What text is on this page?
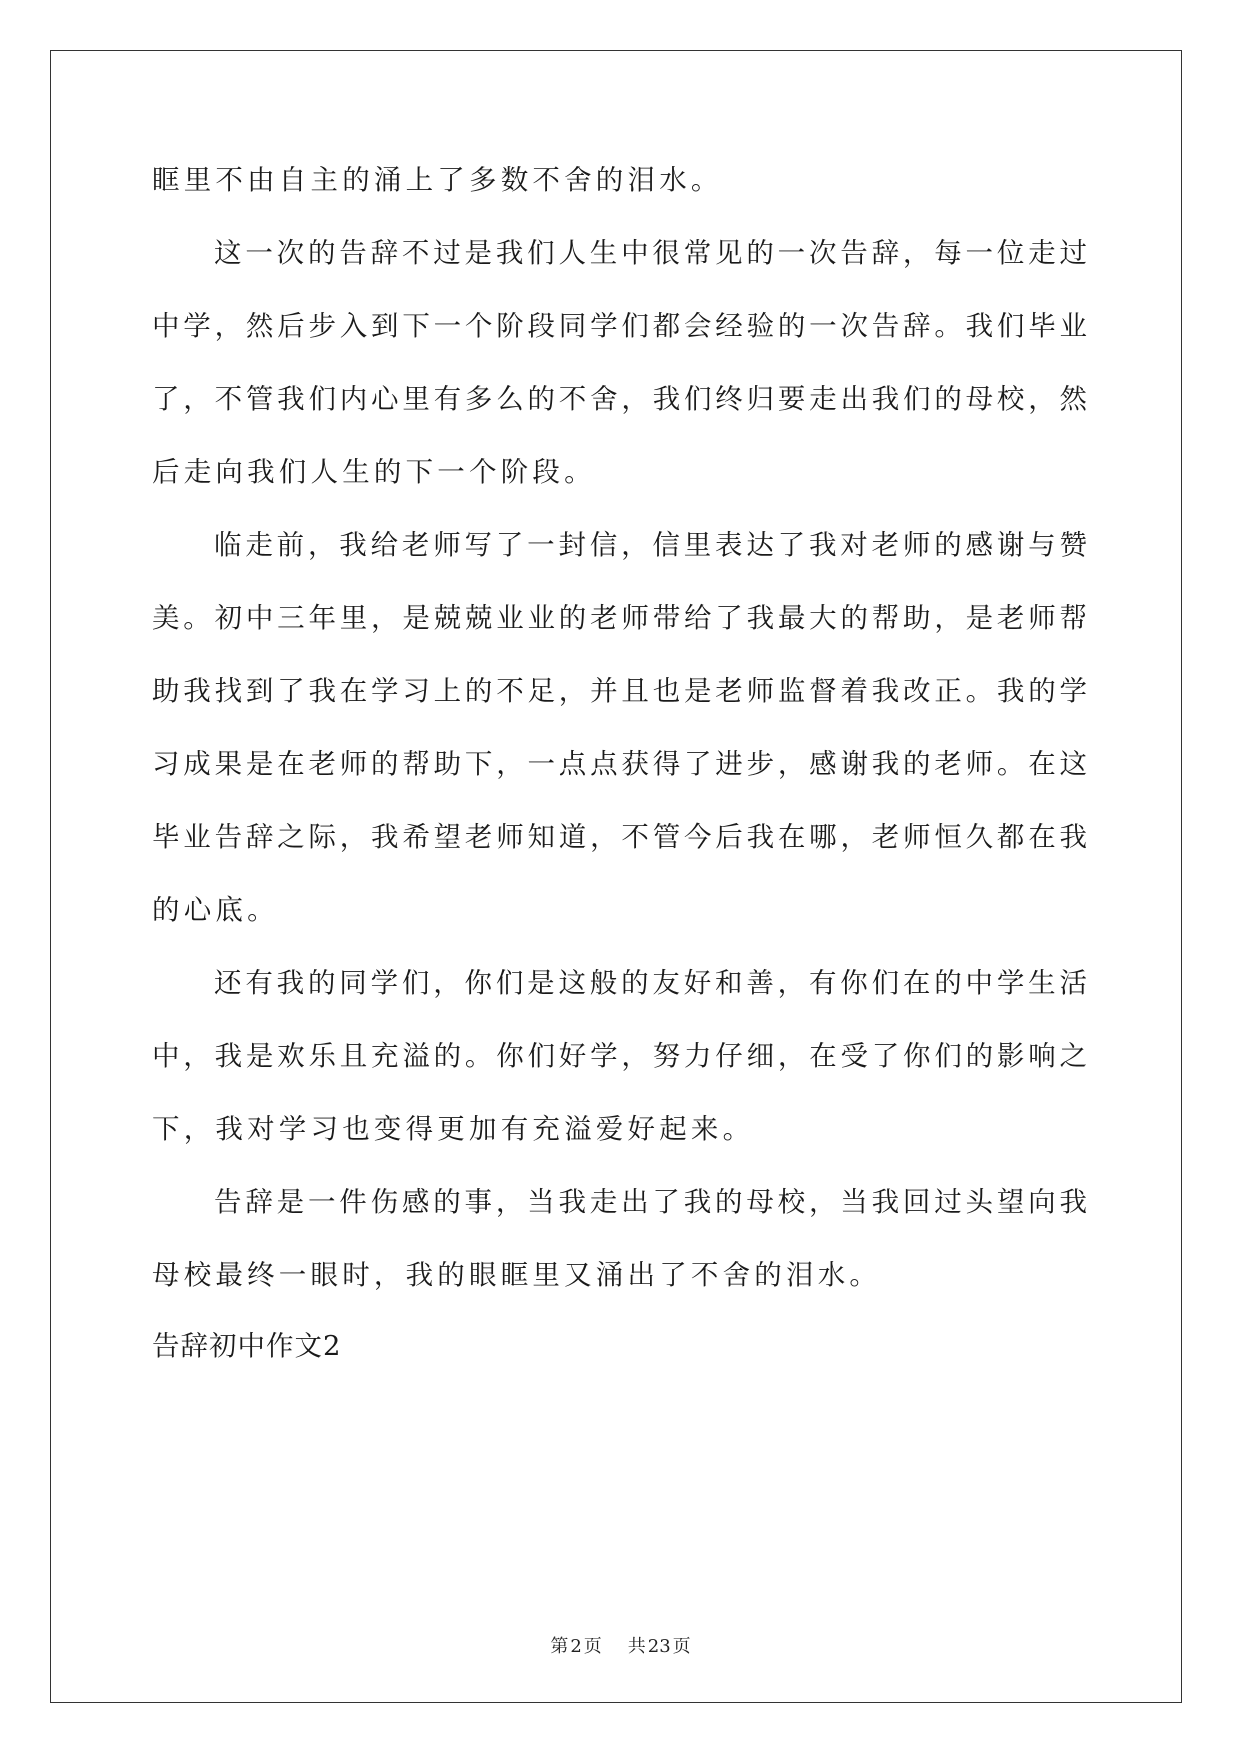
眶里不由自主的涌上了多数不舍的泪水。
这一次的告辞不过是我们人生中很常见的一次告辞，每一位走过
中学，然后步入到下一个阶段同学们都会经验的一次告辞。我们毕业
了，不管我们内心里有多么的不舍，我们终归要走出我们的母校，然
后走向我们人生的下一个阶段。
临走前，我给老师写了一封信，信里表达了我对老师的感谢与赞
美。初中三年里，是兢兢业业的老师带给了我最大的帮助，是老师帮
助我找到了我在学习上的不足，并且也是老师监督着我改正。我的学
习成果是在老师的帮助下，一点点获得了进步，感谢我的老师。在这
毕业告辞之际，我希望老师知道，不管今后我在哪，老师恒久都在我
的心底。
还有我的同学们，你们是这般的友好和善，有你们在的中学生活
中，我是欢乐且充溢的。你们好学，努力仔细，在受了你们的影响之
下，我对学习也变得更加有充溢爱好起来。
告辞是一件伤感的事，当我走出了我的母校，当我回过头望向我
母校最终一眼时，我的眼眶里又涌出了不舍的泪水。
告辞初中作文2
第 2 页 共 23 页
